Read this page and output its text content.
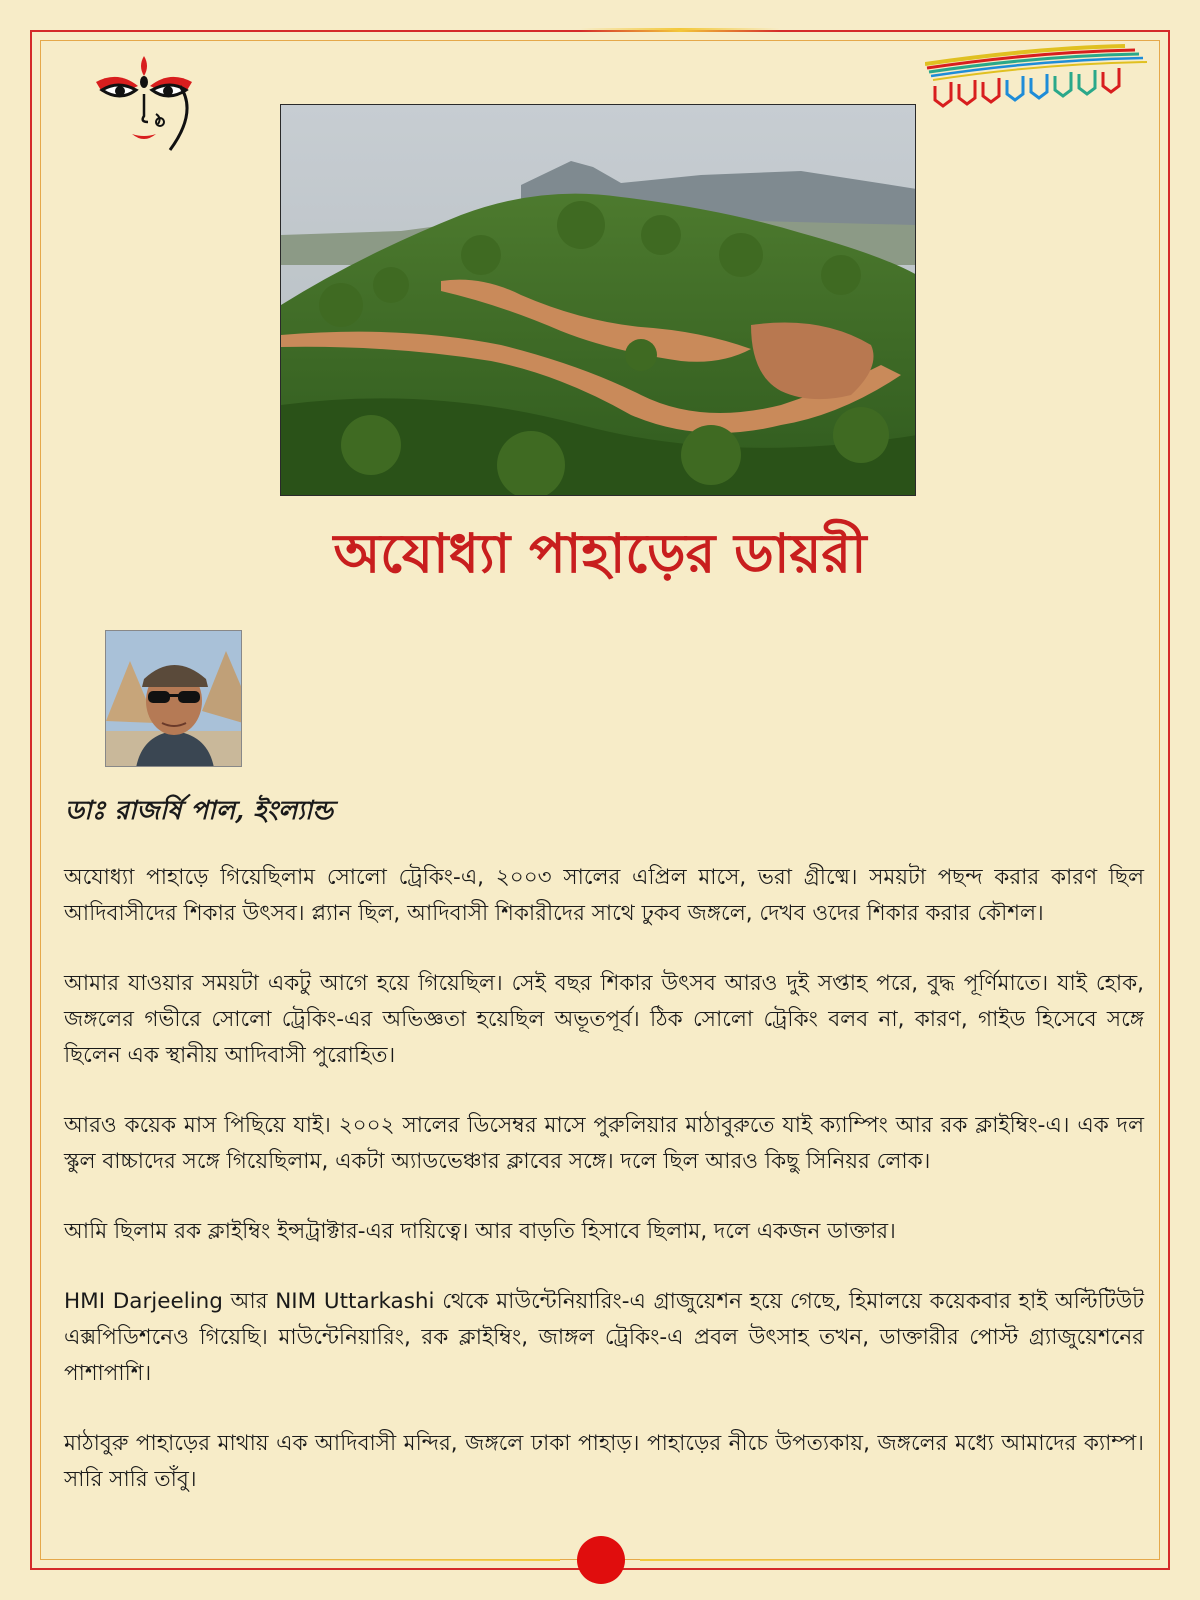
অযোধ্যা পাহাড়ের ডায়রী

ডাঃ রাজর্ষি পাল, ইংল্যান্ড

অযোধ্যা পাহাড়ে গিয়েছিলাম সোলো ট্রেকিং-এ, ২০০৩ সালের এপ্রিল মাসে, ভরা গ্রীষ্মে। সময়টা পছন্দ করার কারণ ছিল আদিবাসীদের শিকার উৎসব। প্ল্যান ছিল, আদিবাসী শিকারীদের সাথে ঢুকব জঙ্গলে, দেখব ওদের শিকার করার কৌশল।

আমার যাওয়ার সময়টা একটু আগে হয়ে গিয়েছিল। সেই বছর শিকার উৎসব আরও দুই সপ্তাহ পরে, বুদ্ধ পূর্ণিমাতে। যাই হোক, জঙ্গলের গভীরে সোলো ট্রেকিং-এর অভিজ্ঞতা হয়েছিল অভূতপূর্ব। ঠিক সোলো ট্রেকিং বলব না, কারণ, গাইড হিসেবে সঙ্গে ছিলেন এক স্থানীয় আদিবাসী পুরোহিত।

আরও কয়েক মাস পিছিয়ে যাই। ২০০২ সালের ডিসেম্বর মাসে পুরুলিয়ার মাঠাবুরুতে যাই ক্যাম্পিং আর রক ক্লাইম্বিং-এ। এক দল স্কুল বাচ্চাদের সঙ্গে গিয়েছিলাম, একটা অ্যাডভেঞ্চার ক্লাবের সঙ্গে। দলে ছিল আরও কিছু সিনিয়র লোক।

আমি ছিলাম রক ক্লাইম্বিং ইন্সট্রাক্টার-এর দায়িত্বে। আর বাড়তি হিসাবে ছিলাম, দলে একজন ডাক্তার।

HMI Darjeeling আর NIM Uttarkashi থেকে মাউন্টেনিয়ারিং-এ গ্রাজুয়েশন হয়ে গেছে, হিমালয়ে কয়েকবার হাই অল্টিটিউট এক্সপিডিশনেও গিয়েছি। মাউন্টেনিয়ারিং, রক ক্লাইম্বিং, জাঙ্গল ট্রেকিং-এ প্রবল উৎসাহ তখন, ডাক্তারীর পোস্ট গ্র্যাজুয়েশনের পাশাপাশি।

মাঠাবুরু পাহাড়ের মাথায় এক আদিবাসী মন্দির, জঙ্গলে ঢাকা পাহাড়। পাহাড়ের নীচে উপত্যকায়, জঙ্গলের মধ্যে আমাদের ক্যাম্প। সারি সারি তাঁবু।
